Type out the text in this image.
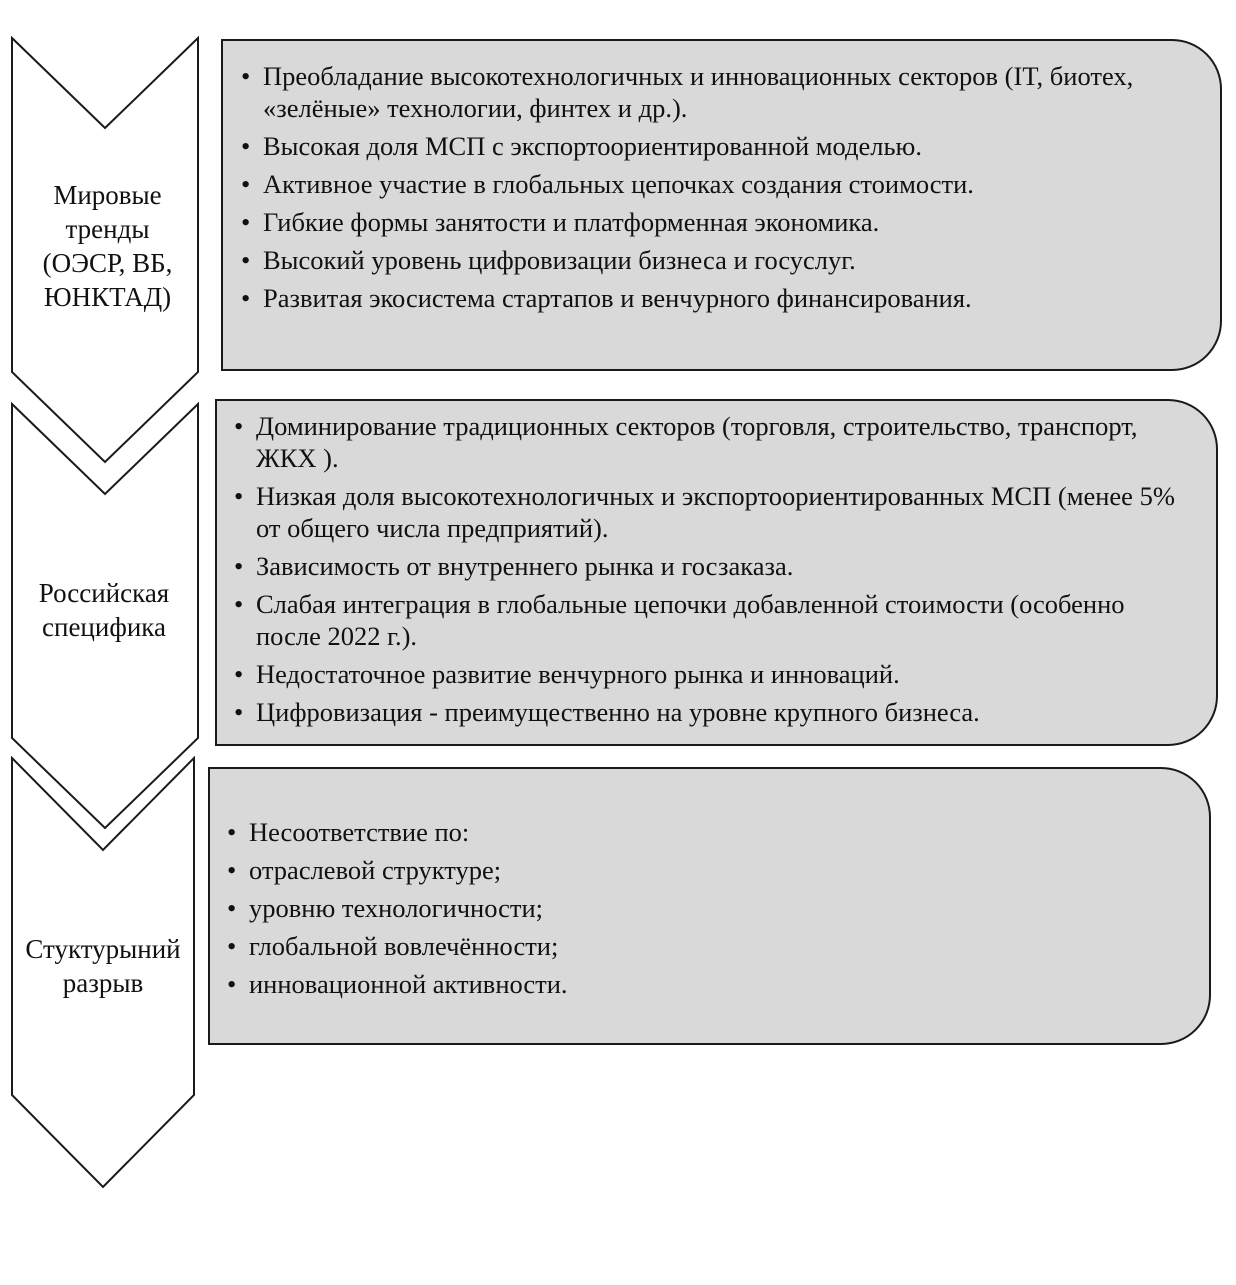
Мировые
тренды
(ОЭСР, ВБ,
ЮНКТАД)
• Преобладание высокотехнологичных и инновационных секторов (IT, биотех, «зелёные» технологии, финтех и др.).
• Высокая доля МСП с экспортоориентированной моделью.
• Активное участие в глобальных цепочках создания стоимости.
• Гибкие формы занятости и платформенная экономика.
• Высокий уровень цифровизации бизнеса и госуслуг.
• Развитая экосистема стартапов и венчурного финансирования.
Российская
специфика
• Доминирование традиционных секторов (торговля, строительство, транспорт, ЖКХ ).
• Низкая доля высокотехнологичных и экспортоориентированных МСП (менее 5% от общего числа предприятий).
• Зависимость от внутреннего рынка и госзаказа.
• Слабая интеграция в глобальные цепочки добавленной стоимости (особенно после 2022 г.).
• Недостаточное развитие венчурного рынка и инноваций.
• Цифровизация - преимущественно на уровне крупного бизнеса.
Стуктурыний
разрыв
• Несоответствие по:
• отраслевой структуре;
• уровню технологичности;
• глобальной вовлечённости;
• инновационной активности.
